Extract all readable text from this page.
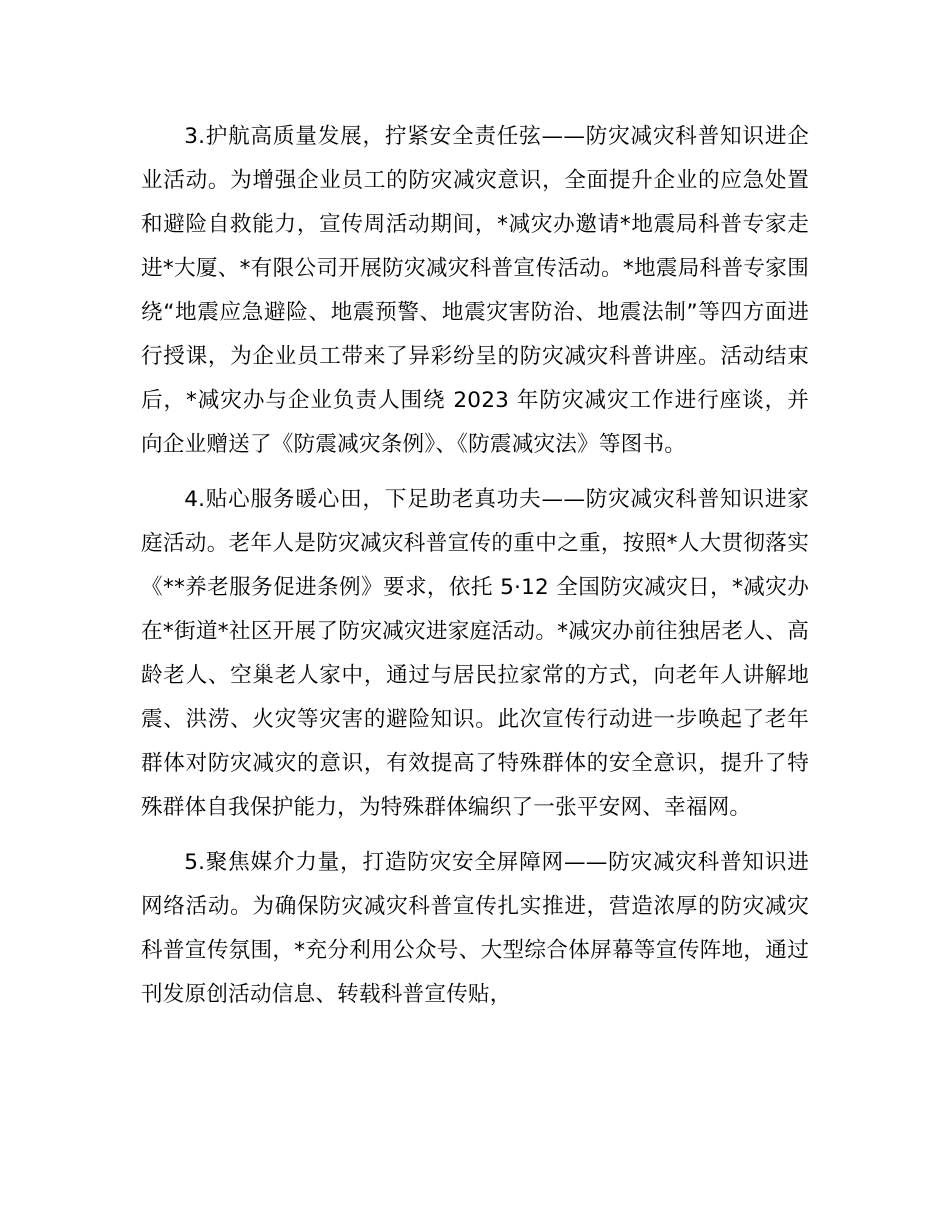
3.护航高质量发展，拧紧安全责任弦——防灾减灾科普知识进企业活动。为增强企业员工的防灾减灾意识，全面提升企业的应急处置和避险自救能力，宣传周活动期间，*减灾办邀请*地震局科普专家走进*大厦、*有限公司开展防灾减灾科普宣传活动。*地震局科普专家围绕“地震应急避险、地震预警、地震灾害防治、地震法制”等四方面进行授课，为企业员工带来了异彩纷呈的防灾减灾科普讲座。活动结束后，*减灾办与企业负责人围绕 2023 年防灾减灾工作进行座谈，并向企业赠送了《防震减灾条例》、《防震减灾法》等图书。

4.贴心服务暖心田，下足助老真功夫——防灾减灾科普知识进家庭活动。老年人是防灾减灾科普宣传的重中之重，按照*人大贯彻落实《**养老服务促进条例》要求，依托 5·12 全国防灾减灾日，*减灾办在*街道*社区开展了防灾减灾进家庭活动。*减灾办前往独居老人、高龄老人、空巢老人家中，通过与居民拉家常的方式，向老年人讲解地震、洪涝、火灾等灾害的避险知识。此次宣传行动进一步唤起了老年群体对防灾减灾的意识，有效提高了特殊群体的安全意识，提升了特殊群体自我保护能力，为特殊群体编织了一张平安网、幸福网。

5.聚焦媒介力量，打造防灾安全屏障网——防灾减灾科普知识进网络活动。为确保防灾减灾科普宣传扎实推进，营造浓厚的防灾减灾科普宣传氛围，*充分利用公众号、大型综合体屏幕等宣传阵地，通过刊发原创活动信息、转载科普宣传贴，
